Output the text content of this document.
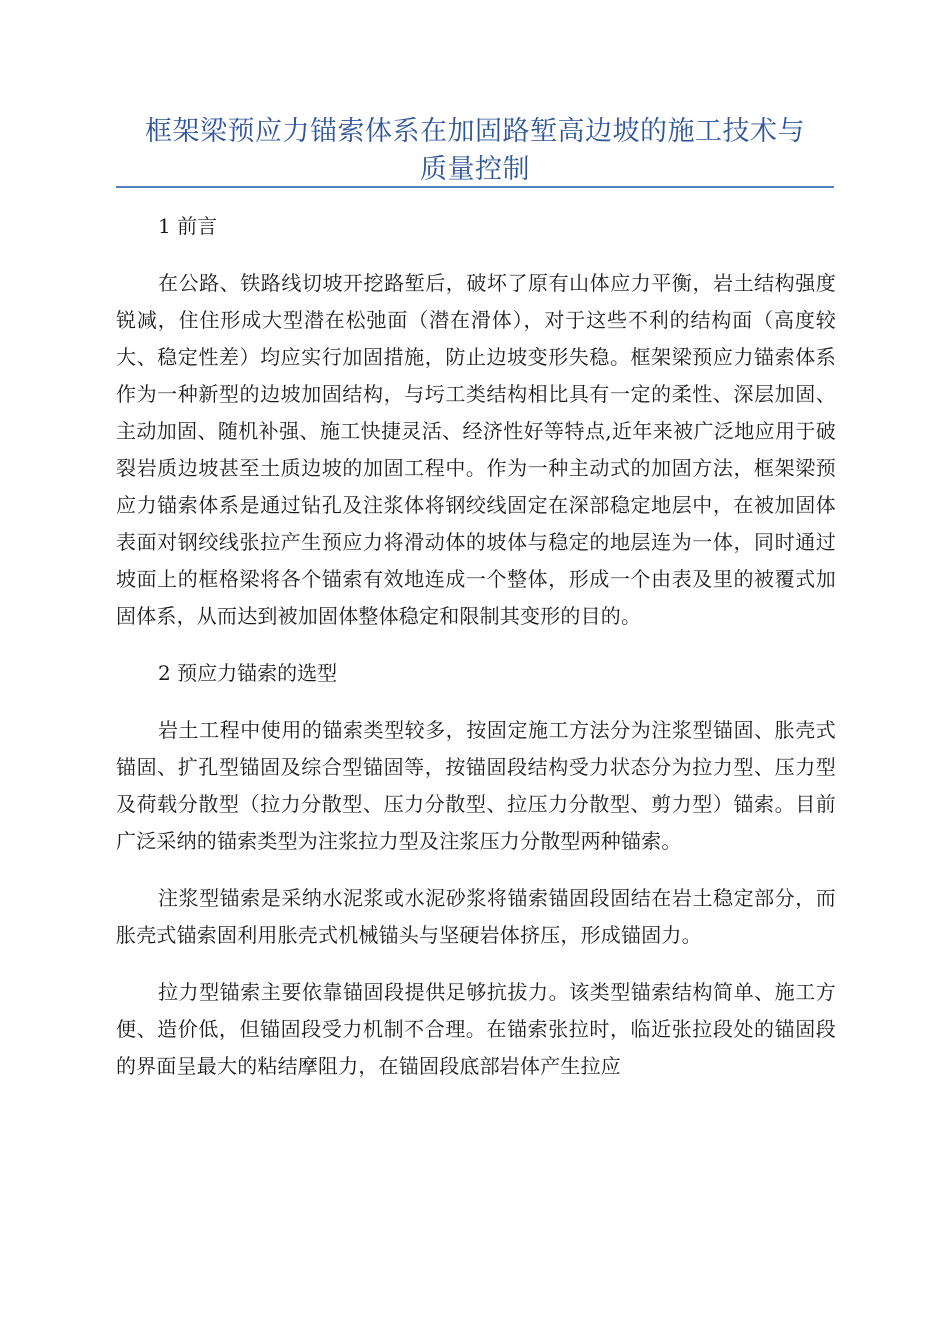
框架梁预应力锚索体系在加固路堑高边坡的施工技术与
质量控制

1 前言

在公路、铁路线切坡开挖路堑后，破坏了原有山体应力平衡，岩土结构强度锐减，住住形成大型潜在松弛面（潜在滑体），对于这些不利的结构面（高度较大、稳定性差）均应实行加固措施，防止边坡变形失稳。框架梁预应力锚索体系作为一种新型的边坡加固结构，与圬工类结构相比具有一定的柔性、深层加固、主动加固、随机补强、施工快捷灵活、经济性好等特点,近年来被广泛地应用于破裂岩质边坡甚至土质边坡的加固工程中。作为一种主动式的加固方法，框架梁预应力锚索体系是通过钻孔及注浆体将钢绞线固定在深部稳定地层中，在被加固体表面对钢绞线张拉产生预应力将滑动体的坡体与稳定的地层连为一体，同时通过坡面上的框格梁将各个锚索有效地连成一个整体，形成一个由表及里的被覆式加固体系，从而达到被加固体整体稳定和限制其变形的目的。

2 预应力锚索的选型

岩土工程中使用的锚索类型较多，按固定施工方法分为注浆型锚固、胀壳式锚固、扩孔型锚固及综合型锚固等，按锚固段结构受力状态分为拉力型、压力型及荷载分散型（拉力分散型、压力分散型、拉压力分散型、剪力型）锚索。目前广泛采纳的锚索类型为注浆拉力型及注浆压力分散型两种锚索。

注浆型锚索是采纳水泥浆或水泥砂浆将锚索锚固段固结在岩土稳定部分，而胀壳式锚索固利用胀壳式机械锚头与坚硬岩体挤压，形成锚固力。

拉力型锚索主要依靠锚固段提供足够抗拔力。该类型锚索结构简单、施工方便、造价低，但锚固段受力机制不合理。在锚索张拉时，临近张拉段处的锚固段的界面呈最大的粘结摩阻力，在锚固段底部岩体产生拉应
